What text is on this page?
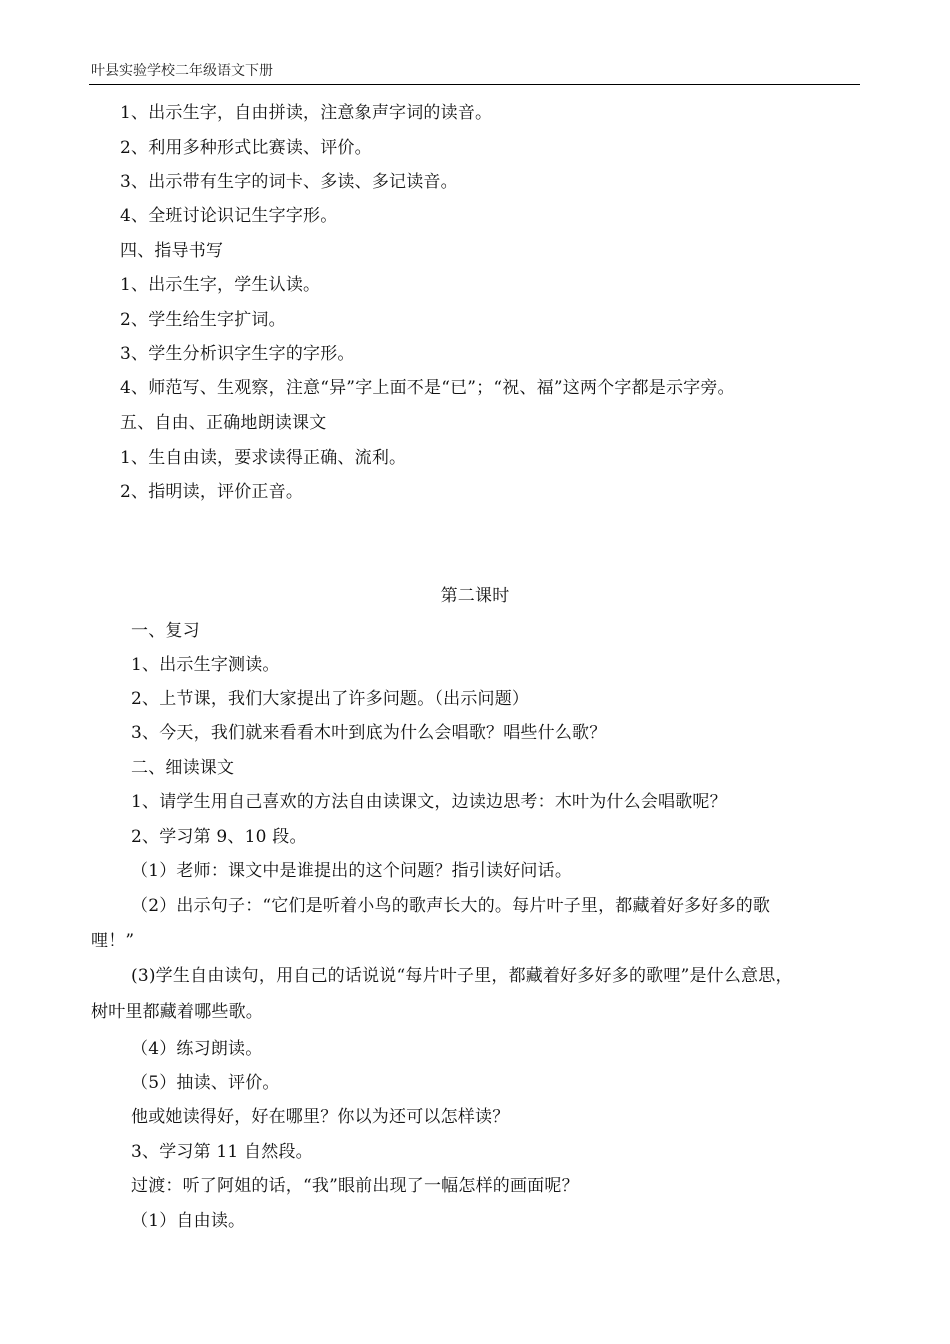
叶县实验学校二年级语文下册
1、出示生字，自由拼读，注意象声字词的读音。
2、利用多种形式比赛读、评价。
3、出示带有生字的词卡、多读、多记读音。
4、全班讨论识记生字字形。
四、指导书写
1、出示生字，学生认读。
2、学生给生字扩词。
3、学生分析识字生字的字形。
4、师范写、生观察，注意“异”字上面不是“已”；“祝、福”这两个字都是示字旁。
五、自由、正确地朗读课文
1、生自由读，要求读得正确、流利。
2、指明读，评价正音。
第二课时
一、复习
1、出示生字测读。
2、上节课，我们大家提出了许多问题。（出示问题）
3、今天，我们就来看看木叶到底为什么会唱歌？唱些什么歌？
二、细读课文
1、请学生用自己喜欢的方法自由读课文，边读边思考：木叶为什么会唱歌呢？
2、学习第 9、10 段。
（1）老师：课文中是谁提出的这个问题？指引读好问话。
（2）出示句子：“它们是听着小鸟的歌声长大的。每片叶子里，都藏着好多好多的歌
哩！”
(3)学生自由读句，用自己的话说说“每片叶子里，都藏着好多好多的歌哩”是什么意思，
树叶里都藏着哪些歌。
（4）练习朗读。
（5）抽读、评价。
他或她读得好，好在哪里？你以为还可以怎样读？
3、学习第 11 自然段。
过渡：听了阿姐的话，“我”眼前出现了一幅怎样的画面呢？
（1）自由读。
